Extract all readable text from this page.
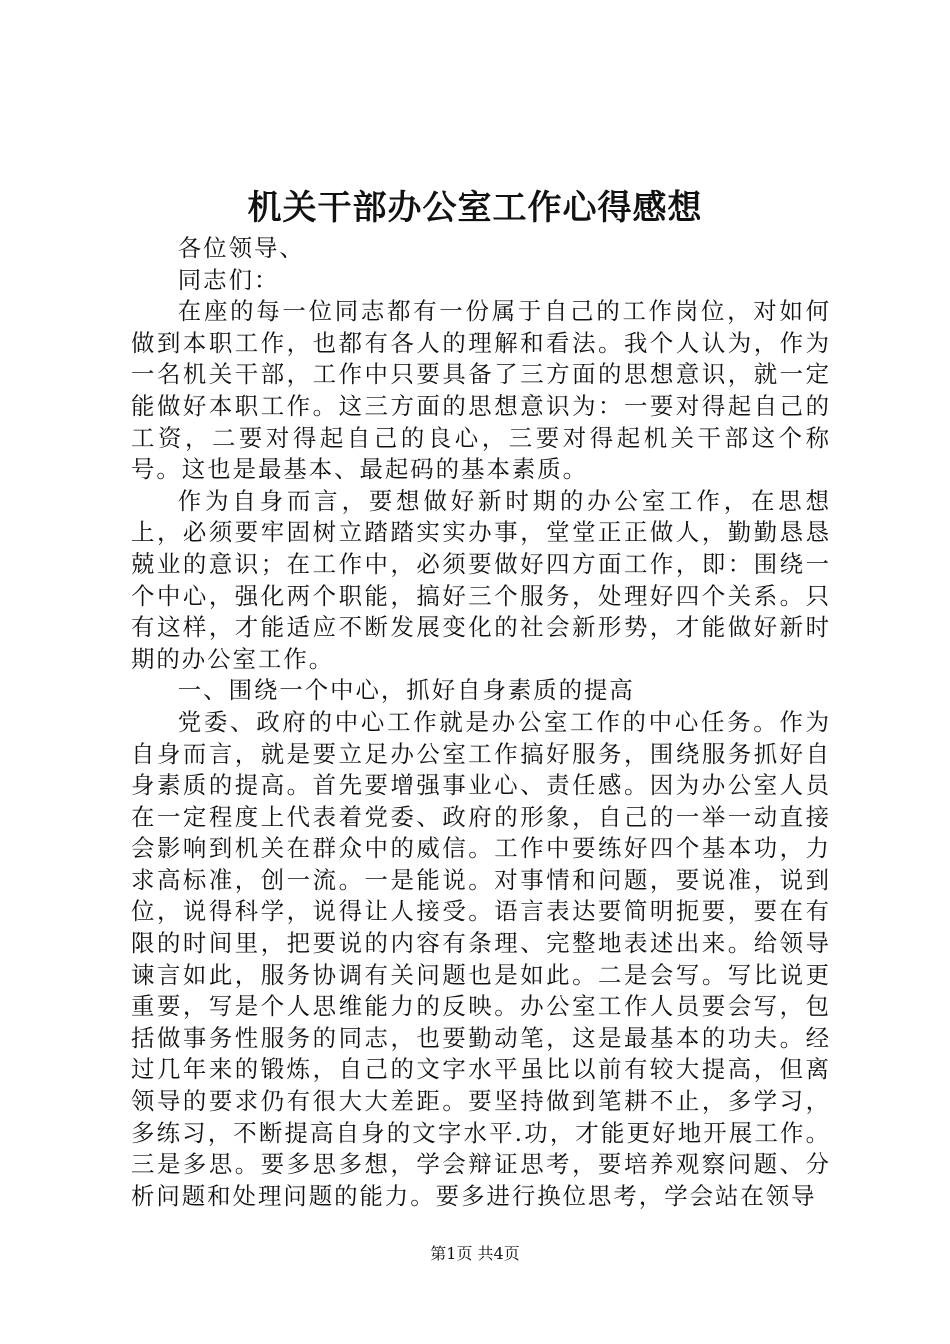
机关干部办公室工作心得感想

各位领导、

同志们：

在座的每一位同志都有一份属于自己的工作岗位，对如何做到本职工作，也都有各人的理解和看法。我个人认为，作为一名机关干部，工作中只要具备了三方面的思想意识，就一定能做好本职工作。这三方面的思想意识为：一要对得起自己的工资，二要对得起自己的良心，三要对得起机关干部这个称号。这也是最基本、最起码的基本素质。

作为自身而言，要想做好新时期的办公室工作，在思想上，必须要牢固树立踏踏实实办事，堂堂正正做人，勤勤恳恳兢业的意识；在工作中，必须要做好四方面工作，即：围绕一个中心，强化两个职能，搞好三个服务，处理好四个关系。只有这样，才能适应不断发展变化的社会新形势，才能做好新时期的办公室工作。

一、围绕一个中心，抓好自身素质的提高

党委、政府的中心工作就是办公室工作的中心任务。作为自身而言，就是要立足办公室工作搞好服务，围绕服务抓好自身素质的提高。首先要增强事业心、责任感。因为办公室人员在一定程度上代表着党委、政府的形象，自己的一举一动直接会影响到机关在群众中的威信。工作中要练好四个基本功，力求高标准，创一流。一是能说。对事情和问题，要说准，说到位，说得科学，说得让人接受。语言表达要简明扼要，要在有限的时间里，把要说的内容有条理、完整地表述出来。给领导谏言如此，服务协调有关问题也是如此。二是会写。写比说更重要，写是个人思维能力的反映。办公室工作人员要会写，包括做事务性服务的同志，也要勤动笔，这是最基本的功夫。经过几年来的锻炼，自己的文字水平虽比以前有较大提高，但离领导的要求仍有很大大差距。要坚持做到笔耕不止，多学习，多练习，不断提高自身的文字水平.功，才能更好地开展工作。三是多思。要多思多想，学会辩证思考，要培养观察问题、分析问题和处理问题的能力。要多进行换位思考，学会站在领导

第1页 共4页
